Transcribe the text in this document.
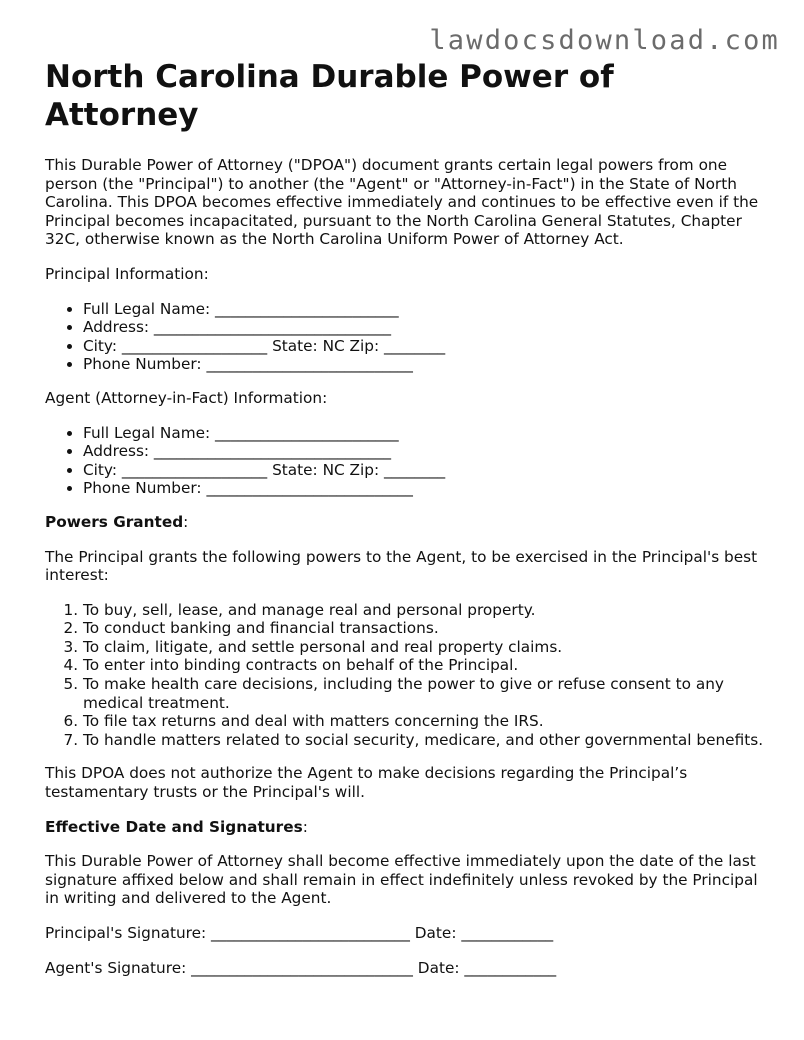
lawdocsdownload.com
North Carolina Durable Power of Attorney

This Durable Power of Attorney ("DPOA") document grants certain legal powers from one person (the "Principal") to another (the "Agent" or "Attorney-in-Fact") in the State of North Carolina. This DPOA becomes effective immediately and continues to be effective even if the Principal becomes incapacitated, pursuant to the North Carolina General Statutes, Chapter 32C, otherwise known as the North Carolina Uniform Power of Attorney Act.

Principal Information:

• Full Legal Name: ________________________
• Address: _______________________________
• City: ___________________ State: NC Zip: ________
• Phone Number: ___________________________

Agent (Attorney-in-Fact) Information:

• Full Legal Name: ________________________
• Address: _______________________________
• City: ___________________ State: NC Zip: ________
• Phone Number: ___________________________

Powers Granted:

The Principal grants the following powers to the Agent, to be exercised in the Principal's best interest:

1. To buy, sell, lease, and manage real and personal property.
2. To conduct banking and financial transactions.
3. To claim, litigate, and settle personal and real property claims.
4. To enter into binding contracts on behalf of the Principal.
5. To make health care decisions, including the power to give or refuse consent to any medical treatment.
6. To file tax returns and deal with matters concerning the IRS.
7. To handle matters related to social security, medicare, and other governmental benefits.

This DPOA does not authorize the Agent to make decisions regarding the Principal’s testamentary trusts or the Principal's will.

Effective Date and Signatures:

This Durable Power of Attorney shall become effective immediately upon the date of the last signature affixed below and shall remain in effect indefinitely unless revoked by the Principal in writing and delivered to the Agent.

Principal's Signature: __________________________ Date: ____________

Agent's Signature: _____________________________ Date: ____________
